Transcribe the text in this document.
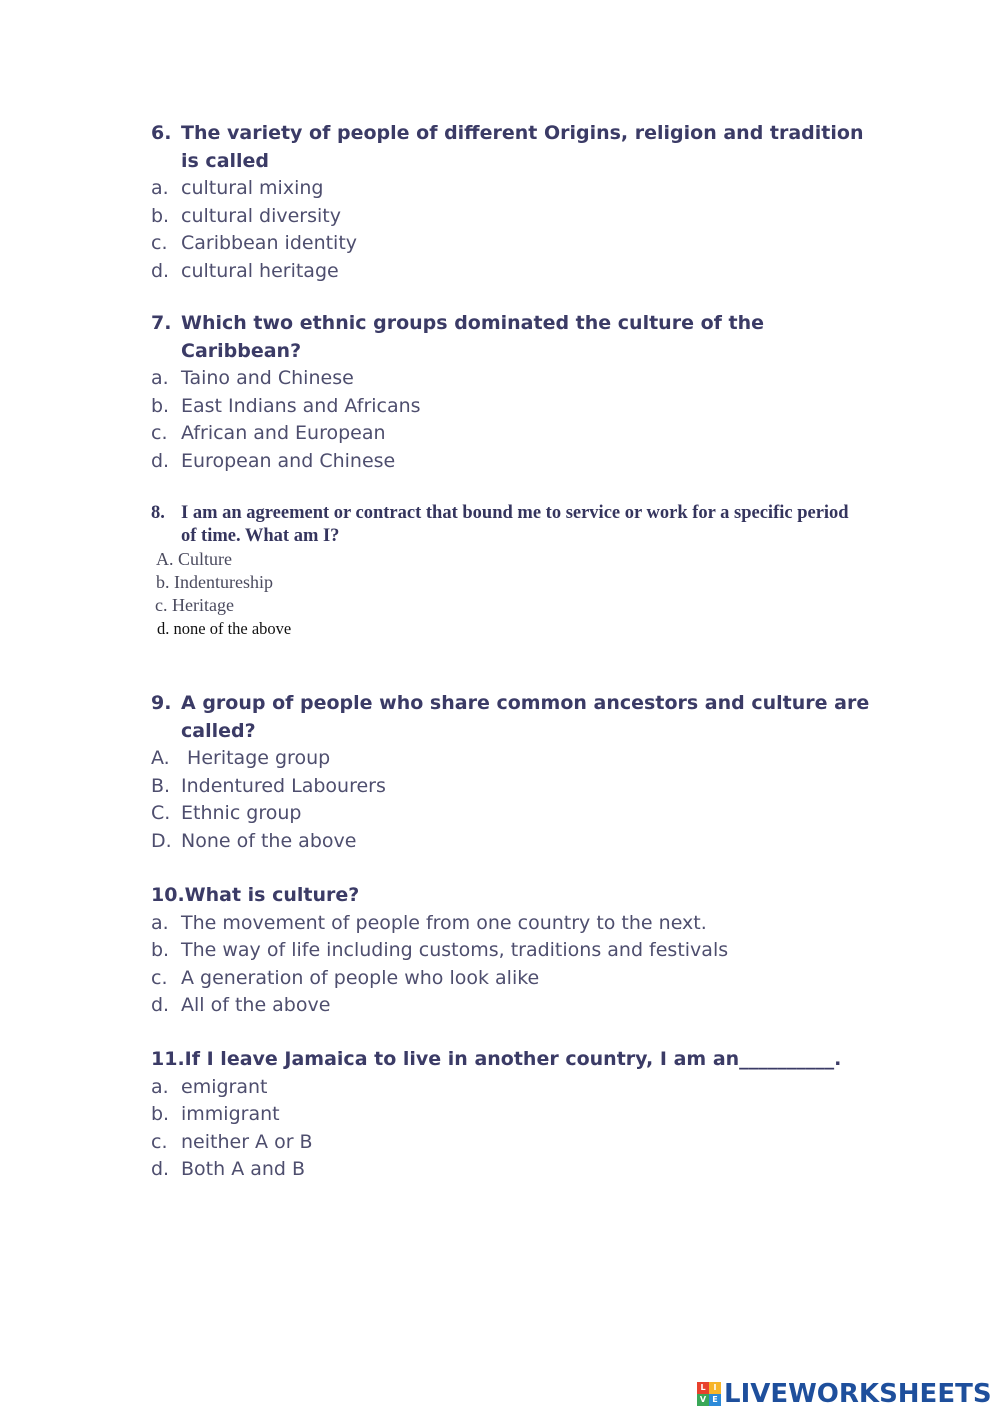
6. The variety of people of different Origins, religion and tradition is called
a. cultural mixing
b. cultural diversity
c. Caribbean identity
d. cultural heritage
7. Which two ethnic groups dominated the culture of the Caribbean?
a. Taino and Chinese
b. East Indians and Africans
c. African and European
d. European and Chinese
8. I am an agreement or contract that bound me to service or work for a specific period of time. What am I?
A. Culture
b. Indentureship
c. Heritage
d. none of the above
9. A group of people who share common ancestors and culture are called?
A. Heritage group
B. Indentured Labourers
C. Ethnic group
D. None of the above
10. What is culture?
a. The movement of people from one country to the next.
b. The way of life including customs, traditions and festivals
c. A generation of people who look alike
d. All of the above
11. If I leave Jamaica to live in another country, I am an__________.
a. emigrant
b. immigrant
c. neither A or B
d. Both A and B
L I
V E LIVEWORKSHEETS
